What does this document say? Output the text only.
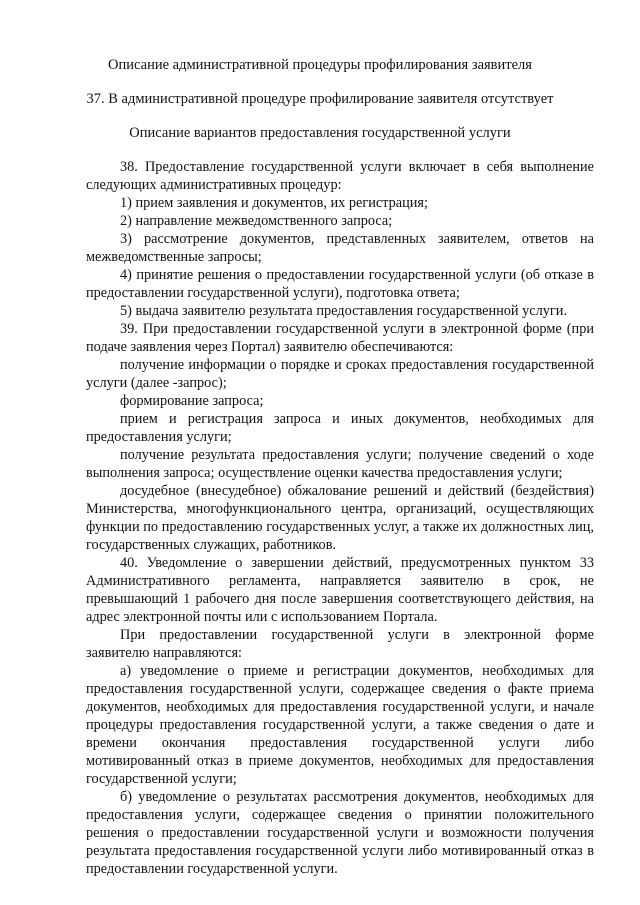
Описание административной процедуры профилирования заявителя
37. В административной процедуре профилирование заявителя отсутствует
Описание вариантов предоставления государственной услуги

38. Предоставление государственной услуги включает в себя выполнение следующих административных процедур:

1) прием заявления и документов, их регистрация;

2) направление межведомственного запроса;

3) рассмотрение документов, представленных заявителем, ответов на межведомственные запросы;

4) принятие решения о предоставлении государственной услуги (об отказе в предоставлении государственной услуги), подготовка ответа;

5) выдача заявителю результата предоставления государственной услуги.

39. При предоставлении государственной услуги в электронной форме (при подаче заявления через Портал) заявителю обеспечиваются:

получение информации о порядке и сроках предоставления государственной услуги (далее -запрос);

формирование запроса;

прием и регистрация запроса и иных документов, необходимых для предоставления услуги;

получение результата предоставления услуги; получение сведений о ходе выполнения запроса; осуществление оценки качества предоставления услуги;

досудебное (внесудебное) обжалование решений и действий (бездействия) Министерства, многофункционального центра, организаций, осуществляющих функции по предоставлению государственных услуг, а также их должностных лиц, государственных служащих, работников.

40. Уведомление о завершении действий, предусмотренных пунктом 33 Административного регламента, направляется заявителю в срок, не превышающий 1 рабочего дня после завершения соответствующего действия, на адрес электронной почты или с использованием Портала.

При предоставлении государственной услуги в электронной форме заявителю направляются:

а) уведомление о приеме и регистрации документов, необходимых для предоставления государственной услуги, содержащее сведения о факте приема документов, необходимых для предоставления государственной услуги, и начале процедуры предоставления государственной услуги, а также сведения о дате и времени окончания предоставления государственной услуги либо мотивированный отказ в приеме документов, необходимых для предоставления государственной услуги;

б) уведомление о результатах рассмотрения документов, необходимых для предоставления услуги, содержащее сведения о принятии положительного решения о предоставлении государственной услуги и возможности получения результата предоставления государственной услуги либо мотивированный отказ в предоставлении государственной услуги.
